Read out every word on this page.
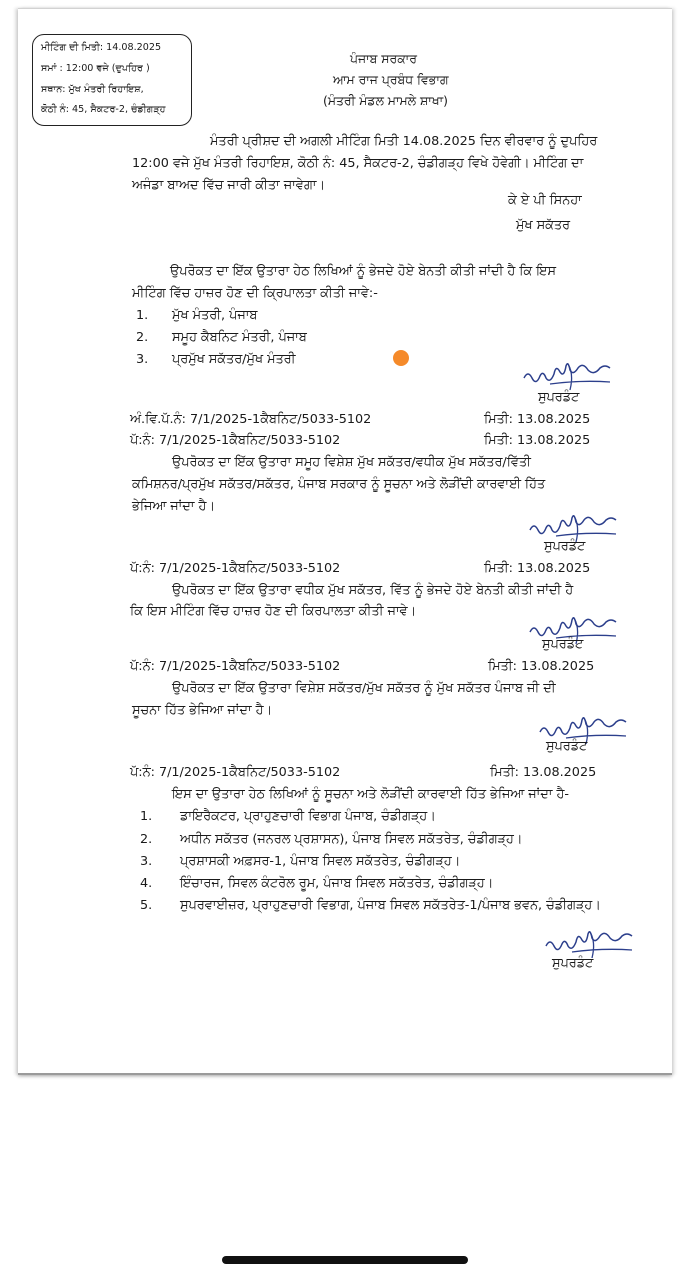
ਮੀਟਿੰਗ ਦੀ ਮਿਤੀ: 14.08.2025
ਸਮਾਂ : 12:00 ਵਜੇ (ਦੁਪਹਿਰ )
ਸਥਾਨ: ਮੁੱਖ ਮੰਤਰੀ ਰਿਹਾਇਸ਼,
ਕੋਠੀ ਨੰ: 45, ਸੈਕਟਰ-2, ਚੰਡੀਗੜ੍ਹ
ਪੰਜਾਬ ਸਰਕਾਰ
ਆਮ ਰਾਜ ਪ੍ਰਬੰਧ ਵਿਭਾਗ
(ਮੰਤਰੀ ਮੰਡਲ ਮਾਮਲੇ ਸ਼ਾਖਾ)
ਮੰਤਰੀ ਪ੍ਰੀਸ਼ਦ ਦੀ ਅਗਲੀ ਮੀਟਿੰਗ ਮਿਤੀ 14.08.2025 ਦਿਨ ਵੀਰਵਾਰ ਨੂੰ ਦੁਪਹਿਰ
12:00 ਵਜੇ ਮੁੱਖ ਮੰਤਰੀ ਰਿਹਾਇਸ਼, ਕੋਠੀ ਨੰ: 45, ਸੈਕਟਰ-2, ਚੰਡੀਗੜ੍ਹ ਵਿਖੇ ਹੋਵੇਗੀ। ਮੀਟਿੰਗ ਦਾ
ਅਜੰਡਾ ਬਾਅਦ ਵਿੱਚ ਜਾਰੀ ਕੀਤਾ ਜਾਵੇਗਾ।
ਕੇ ਏ ਪੀ ਸਿਨਹਾ
ਮੁੱਖ ਸਕੱਤਰ
ਉਪਰੋਕਤ ਦਾ ਇੱਕ ਉਤਾਰਾ ਹੇਠ ਲਿਖਿਆਂ ਨੂੰ ਭੇਜਦੇ ਹੋਏ ਬੇਨਤੀ ਕੀਤੀ ਜਾਂਦੀ ਹੈ ਕਿ ਇਸ
ਮੀਟਿੰਗ ਵਿੱਚ ਹਾਜ਼ਰ ਹੋਣ ਦੀ ਕ੍ਰਿਪਾਲਤਾ ਕੀਤੀ ਜਾਵੇ:-
1. ਮੁੱਖ ਮੰਤਰੀ, ਪੰਜਾਬ
2. ਸਮੂਹ ਕੈਬਨਿਟ ਮੰਤਰੀ, ਪੰਜਾਬ
3. ਪ੍ਰਮੁੱਖ ਸਕੱਤਰ/ਮੁੱਖ ਮੰਤਰੀ
ਸੁਪਰਡੰਟ
ਅੰ.ਵਿ.ਪੱ.ਨੰ: 7/1/2025-1ਕੈਬਨਿਟ/5033-5102	ਮਿਤੀ: 13.08.2025
ਪੱ:ਨੰ: 7/1/2025-1ਕੈਬਨਿਟ/5033-5102	ਮਿਤੀ: 13.08.2025
ਉਪਰੋਕਤ ਦਾ ਇੱਕ ਉਤਾਰਾ ਸਮੂਹ ਵਿਸ਼ੇਸ਼ ਮੁੱਖ ਸਕੱਤਰ/ਵਧੀਕ ਮੁੱਖ ਸਕੱਤਰ/ਵਿੱਤੀ
ਕਮਿਸ਼ਨਰ/ਪ੍ਰਮੁੱਖ ਸਕੱਤਰ/ਸਕੱਤਰ, ਪੰਜਾਬ ਸਰਕਾਰ ਨੂੰ ਸੂਚਨਾ ਅਤੇ ਲੋੜੀਂਦੀ ਕਾਰਵਾਈ ਹਿੱਤ
ਭੇਜਿਆ ਜਾਂਦਾ ਹੈ।
ਸੁਪਰਡੰਟ
ਪੱ:ਨੰ: 7/1/2025-1ਕੈਬਨਿਟ/5033-5102	ਮਿਤੀ: 13.08.2025
ਉਪਰੋਕਤ ਦਾ ਇੱਕ ਉਤਾਰਾ ਵਧੀਕ ਮੁੱਖ ਸਕੱਤਰ, ਵਿੱਤ ਨੂੰ ਭੇਜਦੇ ਹੋਏ ਬੇਨਤੀ ਕੀਤੀ ਜਾਂਦੀ ਹੈ
ਕਿ ਇਸ ਮੀਟਿੰਗ ਵਿੱਚ ਹਾਜ਼ਰ ਹੋਣ ਦੀ ਕਿਰਪਾਲਤਾ ਕੀਤੀ ਜਾਵੇ।
ਸੁਪਰਡੰਟ
ਪੱ:ਨੰ: 7/1/2025-1ਕੈਬਨਿਟ/5033-5102	ਮਿਤੀ: 13.08.2025
ਉਪਰੋਕਤ ਦਾ ਇੱਕ ਉਤਾਰਾ ਵਿਸ਼ੇਸ਼ ਸਕੱਤਰ/ਮੁੱਖ ਸਕੱਤਰ ਨੂੰ ਮੁੱਖ ਸਕੱਤਰ ਪੰਜਾਬ ਜੀ ਦੀ
ਸੂਚਨਾ ਹਿੱਤ ਭੇਜਿਆ ਜਾਂਦਾ ਹੈ।
ਸੁਪਰਡੰਟ
ਪੱ:ਨੰ: 7/1/2025-1ਕੈਬਨਿਟ/5033-5102	ਮਿਤੀ: 13.08.2025
ਇਸ ਦਾ ਉਤਾਰਾ ਹੇਠ ਲਿਖਿਆਂ ਨੂੰ ਸੂਚਨਾ ਅਤੇ ਲੋੜੀਂਦੀ ਕਾਰਵਾਈ ਹਿੱਤ ਭੇਜਿਆ ਜਾਂਦਾ ਹੈ-
1. ਡਾਇਰੈਕਟਰ, ਪ੍ਰਾਹੁਣਚਾਰੀ ਵਿਭਾਗ ਪੰਜਾਬ, ਚੰਡੀਗੜ੍ਹ।
2. ਅਧੀਨ ਸਕੱਤਰ (ਜਨਰਲ ਪ੍ਰਸ਼ਾਸਨ), ਪੰਜਾਬ ਸਿਵਲ ਸਕੱਤਰੇਤ, ਚੰਡੀਗੜ੍ਹ।
3. ਪ੍ਰਸ਼ਾਸਕੀ ਅਫ਼ਸਰ-1, ਪੰਜਾਬ ਸਿਵਲ ਸਕੱਤਰੇਤ, ਚੰਡੀਗੜ੍ਹ।
4. ਇੰਚਾਰਜ, ਸਿਵਲ ਕੰਟਰੋਲ ਰੂਮ, ਪੰਜਾਬ ਸਿਵਲ ਸਕੱਤਰੇਤ, ਚੰਡੀਗੜ੍ਹ।
5. ਸੁਪਰਵਾਈਜ਼ਰ, ਪ੍ਰਾਹੁਣਚਾਰੀ ਵਿਭਾਗ, ਪੰਜਾਬ ਸਿਵਲ ਸਕੱਤਰੇਤ-1/ਪੰਜਾਬ ਭਵਨ, ਚੰਡੀਗੜ੍ਹ।
ਸੁਪਰਡੰਟ
